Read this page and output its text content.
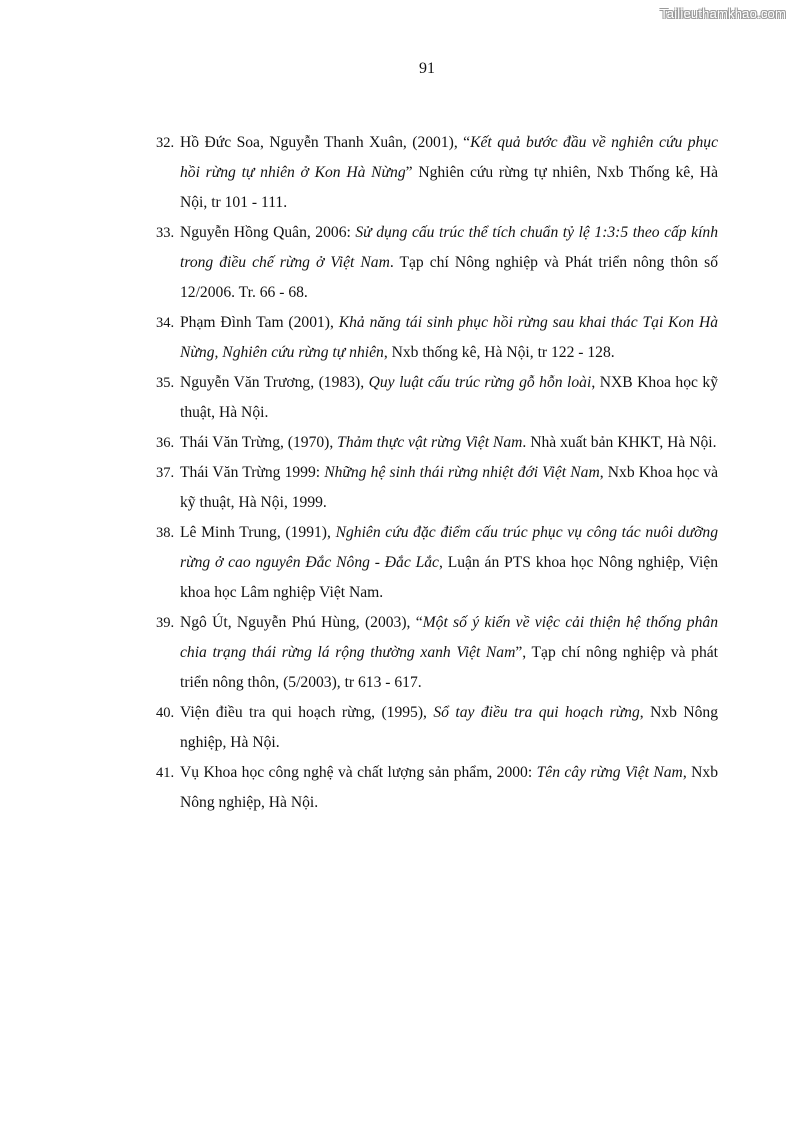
Tailieuthamkhao.com
91
32. Hồ Đức Soa, Nguyễn Thanh Xuân, (2001), “Kết quả bước đầu về nghiên cứu phục hồi rừng tự nhiên ở Kon Hà Nừng” Nghiên cứu rừng tự nhiên, Nxb Thống kê, Hà Nội, tr 101 - 111.
33. Nguyễn Hồng Quân, 2006: Sử dụng cấu trúc thể tích chuẩn tỷ lệ 1:3:5 theo cấp kính trong điều chế rừng ở Việt Nam. Tạp chí Nông nghiệp và Phát triển nông thôn số 12/2006. Tr. 66 - 68.
34. Phạm Đình Tam (2001), Khả năng tái sinh phục hồi rừng sau khai thác Tại Kon Hà Nừng, Nghiên cứu rừng tự nhiên, Nxb thống kê, Hà Nội, tr 122 - 128.
35. Nguyễn Văn Trương, (1983), Quy luật cấu trúc rừng gỗ hỗn loài, NXB Khoa học kỹ thuật, Hà Nội.
36. Thái Văn Trừng, (1970), Thảm thực vật rừng Việt Nam. Nhà xuất bản KHKT, Hà Nội.
37. Thái Văn Trừng 1999: Những hệ sinh thái rừng nhiệt đới Việt Nam, Nxb Khoa học và kỹ thuật, Hà Nội, 1999.
38. Lê Minh Trung, (1991), Nghiên cứu đặc điểm cấu trúc phục vụ công tác nuôi dưỡng rừng ở cao nguyên Đắc Nông - Đắc Lắc, Luận án PTS khoa học Nông nghiệp, Viện khoa học Lâm nghiệp Việt Nam.
39. Ngô Út, Nguyễn Phú Hùng, (2003), “Một số ý kiến về việc cải thiện hệ thống phân chia trạng thái rừng lá rộng thường xanh Việt Nam”, Tạp chí nông nghiệp và phát triển nông thôn, (5/2003), tr 613 - 617.
40. Viện điều tra qui hoạch rừng, (1995), Sổ tay điều tra qui hoạch rừng, Nxb Nông nghiệp, Hà Nội.
41. Vụ Khoa học công nghệ và chất lượng sản phẩm, 2000: Tên cây rừng Việt Nam, Nxb Nông nghiệp, Hà Nội.
